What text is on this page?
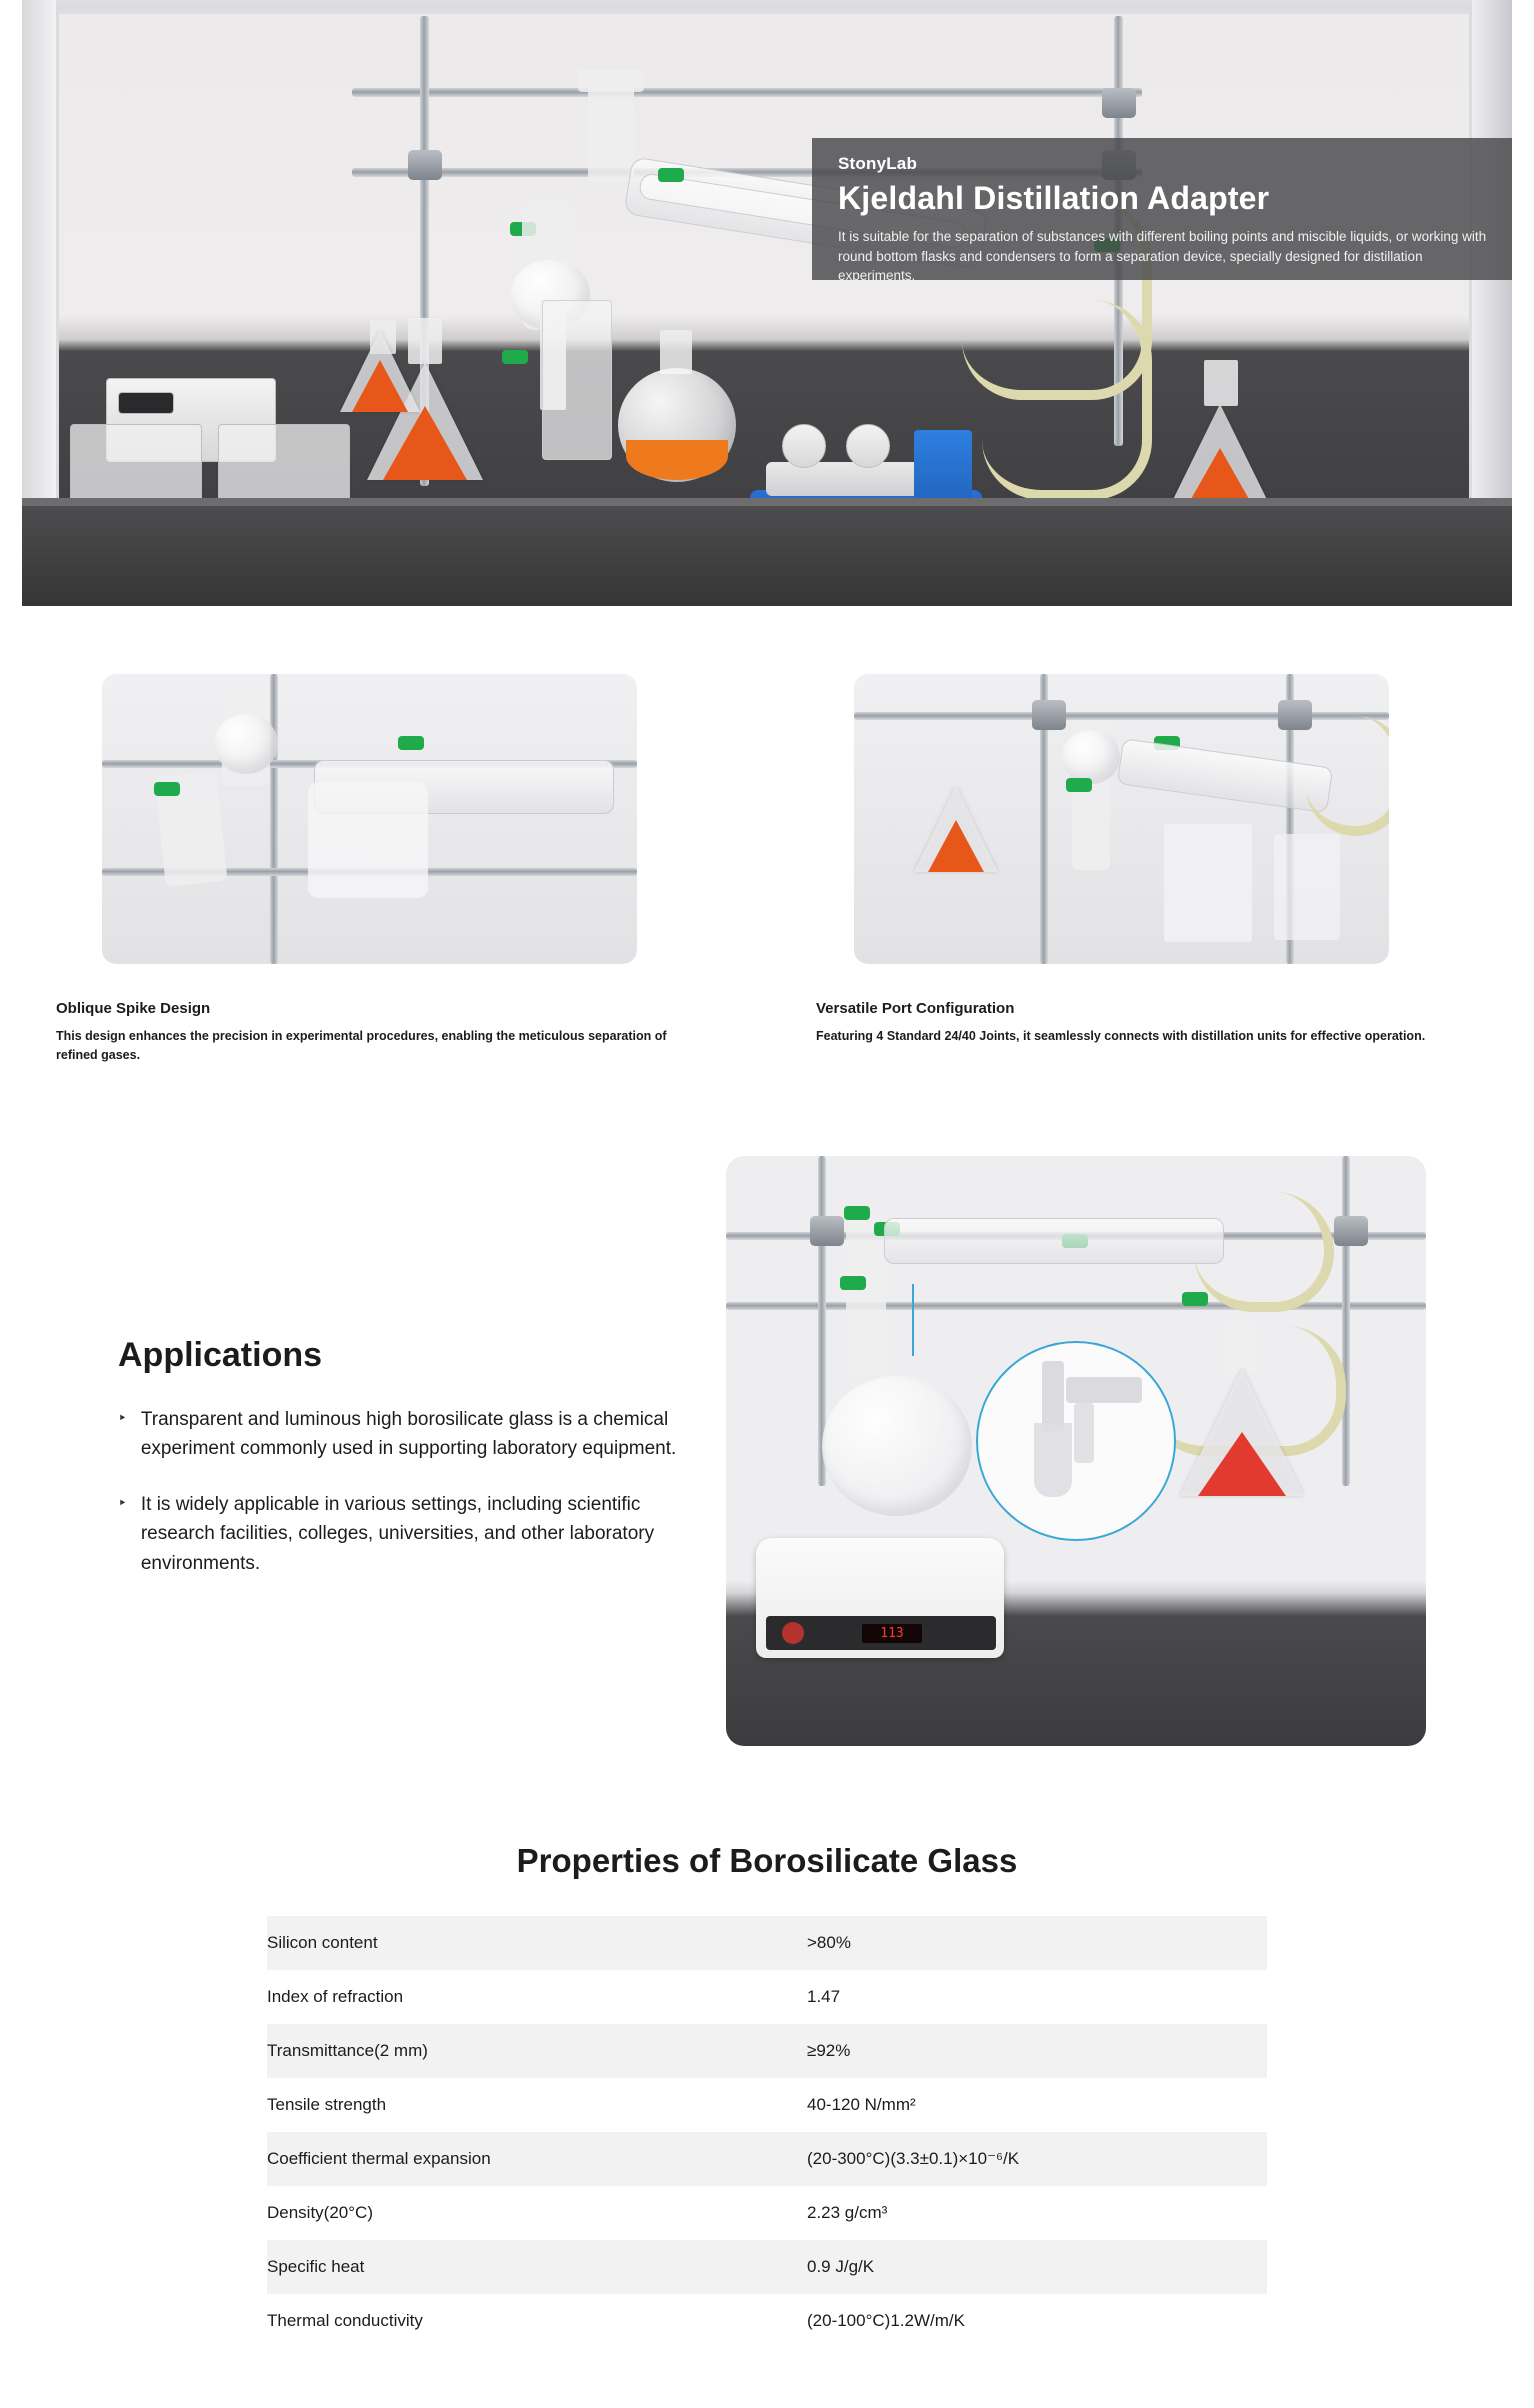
StonyLab
Kjeldahl Distillation Adapter
It is suitable for the separation of substances with different boiling points and miscible liquids, or working with round bottom flasks and condensers to form a separation device, specially designed for distillation experiments.
Oblique Spike Design
This design enhances the precision in experimental procedures, enabling the meticulous separation of refined gases.
Versatile Port Configuration
Featuring 4 Standard 24/40 Joints, it seamlessly connects with distillation units for effective operation.
Applications
‣ Transparent and luminous high borosilicate glass is a chemical experiment commonly used in supporting laboratory equipment.
‣ It is widely applicable in various settings, including scientific research facilities, colleges, universities, and other laboratory environments.
113
Properties of Borosilicate Glass
Silicon content	>80%
Index of refraction	1.47
Transmittance(2 mm)	≥92%
Tensile strength	40-120 N/mm²
Coefficient thermal expansion	(20-300°C)(3.3±0.1)×10⁻⁶/K
Density(20°C)	2.23 g/cm³
Specific heat	0.9 J/g/K
Thermal conductivity	(20-100°C)1.2W/m/K
